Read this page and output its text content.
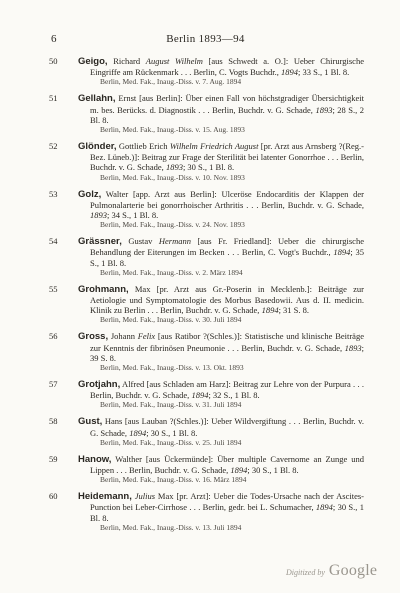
6	Berlin 1893—94
50 Geigo, Richard August Wilhelm [aus Schwedt a. O.]: Ueber Chirurgische Eingriffe am Rückenmark . . . Berlin, C. Vogts Buchdr., 1894; 33 S., 1 Bl. 8.
Berlin, Med. Fak., Inaug.-Diss. v. 7. Aug. 1894
51 Gellahn, Ernst [aus Berlin]: Über einen Fall von höchstgradiger Übersichtigkeit m. bes. Berücks. d. Diagnostik . . . Berlin, Buchdr. v. G. Schade, 1893; 28 S., 2 Bl. 8.
Berlin, Med. Fak., Inaug.-Diss. v. 15. Aug. 1893
52 Glönder, Gottlieb Erich Wilhelm Friedrich August [pr. Arzt aus Arnsberg ?(Reg.-Bez. Lüneb.)]: Beitrag zur Frage der Sterilität bei latenter Gonorrhoe . . . Berlin, Buchdr. v. G. Schade, 1893; 30 S., 1 Bl. 8.
Berlin, Med. Fak., Inaug.-Diss. v. 10. Nov. 1893
53 Golz, Walter [app. Arzt aus Berlin]: Ulceröse Endocarditis der Klappen der Pulmonalarterie bei gonorrhoischer Arthritis . . . Berlin, Buchdr. v. G. Schade, 1893; 34 S., 1 Bl. 8.
Berlin, Med. Fak., Inaug.-Diss. v. 24. Nov. 1893
54 Grässner, Gustav Hermann [aus Fr. Friedland]: Ueber die chirurgische Behandlung der Eiterungen im Becken . . . Berlin, C. Vogt's Buchdr., 1894; 35 S., 1 Bl. 8.
Berlin, Med. Fak., Inaug.-Diss. v. 2. März 1894
55 Grohmann, Max [pr. Arzt aus Gr.-Poserin in Mecklenb.]: Beiträge zur Aetiologie und Symptomatologie des Morbus Basedowii. Aus d. II. medicin. Klinik zu Berlin . . . Berlin, Buchdr. v. G. Schade, 1894; 31 S. 8.
Berlin, Med. Fak., Inaug.-Diss. v. 30. Juli 1894
56 Gross, Johann Felix [aus Ratibor ?(Schles.)]: Statistische und klinische Beiträge zur Kenntnis der fibrinösen Pneumonie . . . Berlin, Buchdr. v. G. Schade, 1893; 39 S. 8.
Berlin, Med. Fak., Inaug.-Diss. v. 13. Okt. 1893
57 Grotjahn, Alfred [aus Schladen am Harz]: Beitrag zur Lehre von der Purpura . . . Berlin, Buchdr. v. G. Schade, 1894; 32 S., 1 Bl. 8.
Berlin, Med. Fak., Inaug.-Diss. v. 31. Juli 1894
58 Gust, Hans [aus Lauban ?(Schles.)]: Ueber Wildvergiftung . . . Berlin, Buchdr. v. G. Schade, 1894; 30 S., 1 Bl. 8.
Berlin, Med. Fak., Inaug.-Diss. v. 25. Juli 1894
59 Hanow, Walther [aus Ückermünde]: Über multiple Cavernome an Zunge und Lippen . . . Berlin, Buchdr. v. G. Schade, 1894; 30 S., 1 Bl. 8.
Berlin, Med. Fak., Inaug.-Diss. v. 16. März 1894
60 Heidemann, Julius Max [pr. Arzt]: Ueber die Todes-Ursache nach der Ascites-Punction bei Leber-Cirrhose . . . Berlin, gedr. bei L. Schumacher, 1894; 30 S., 1 Bl. 8.
Berlin, Med. Fak., Inaug.-Diss. v. 13. Juli 1894
Digitized by Google
